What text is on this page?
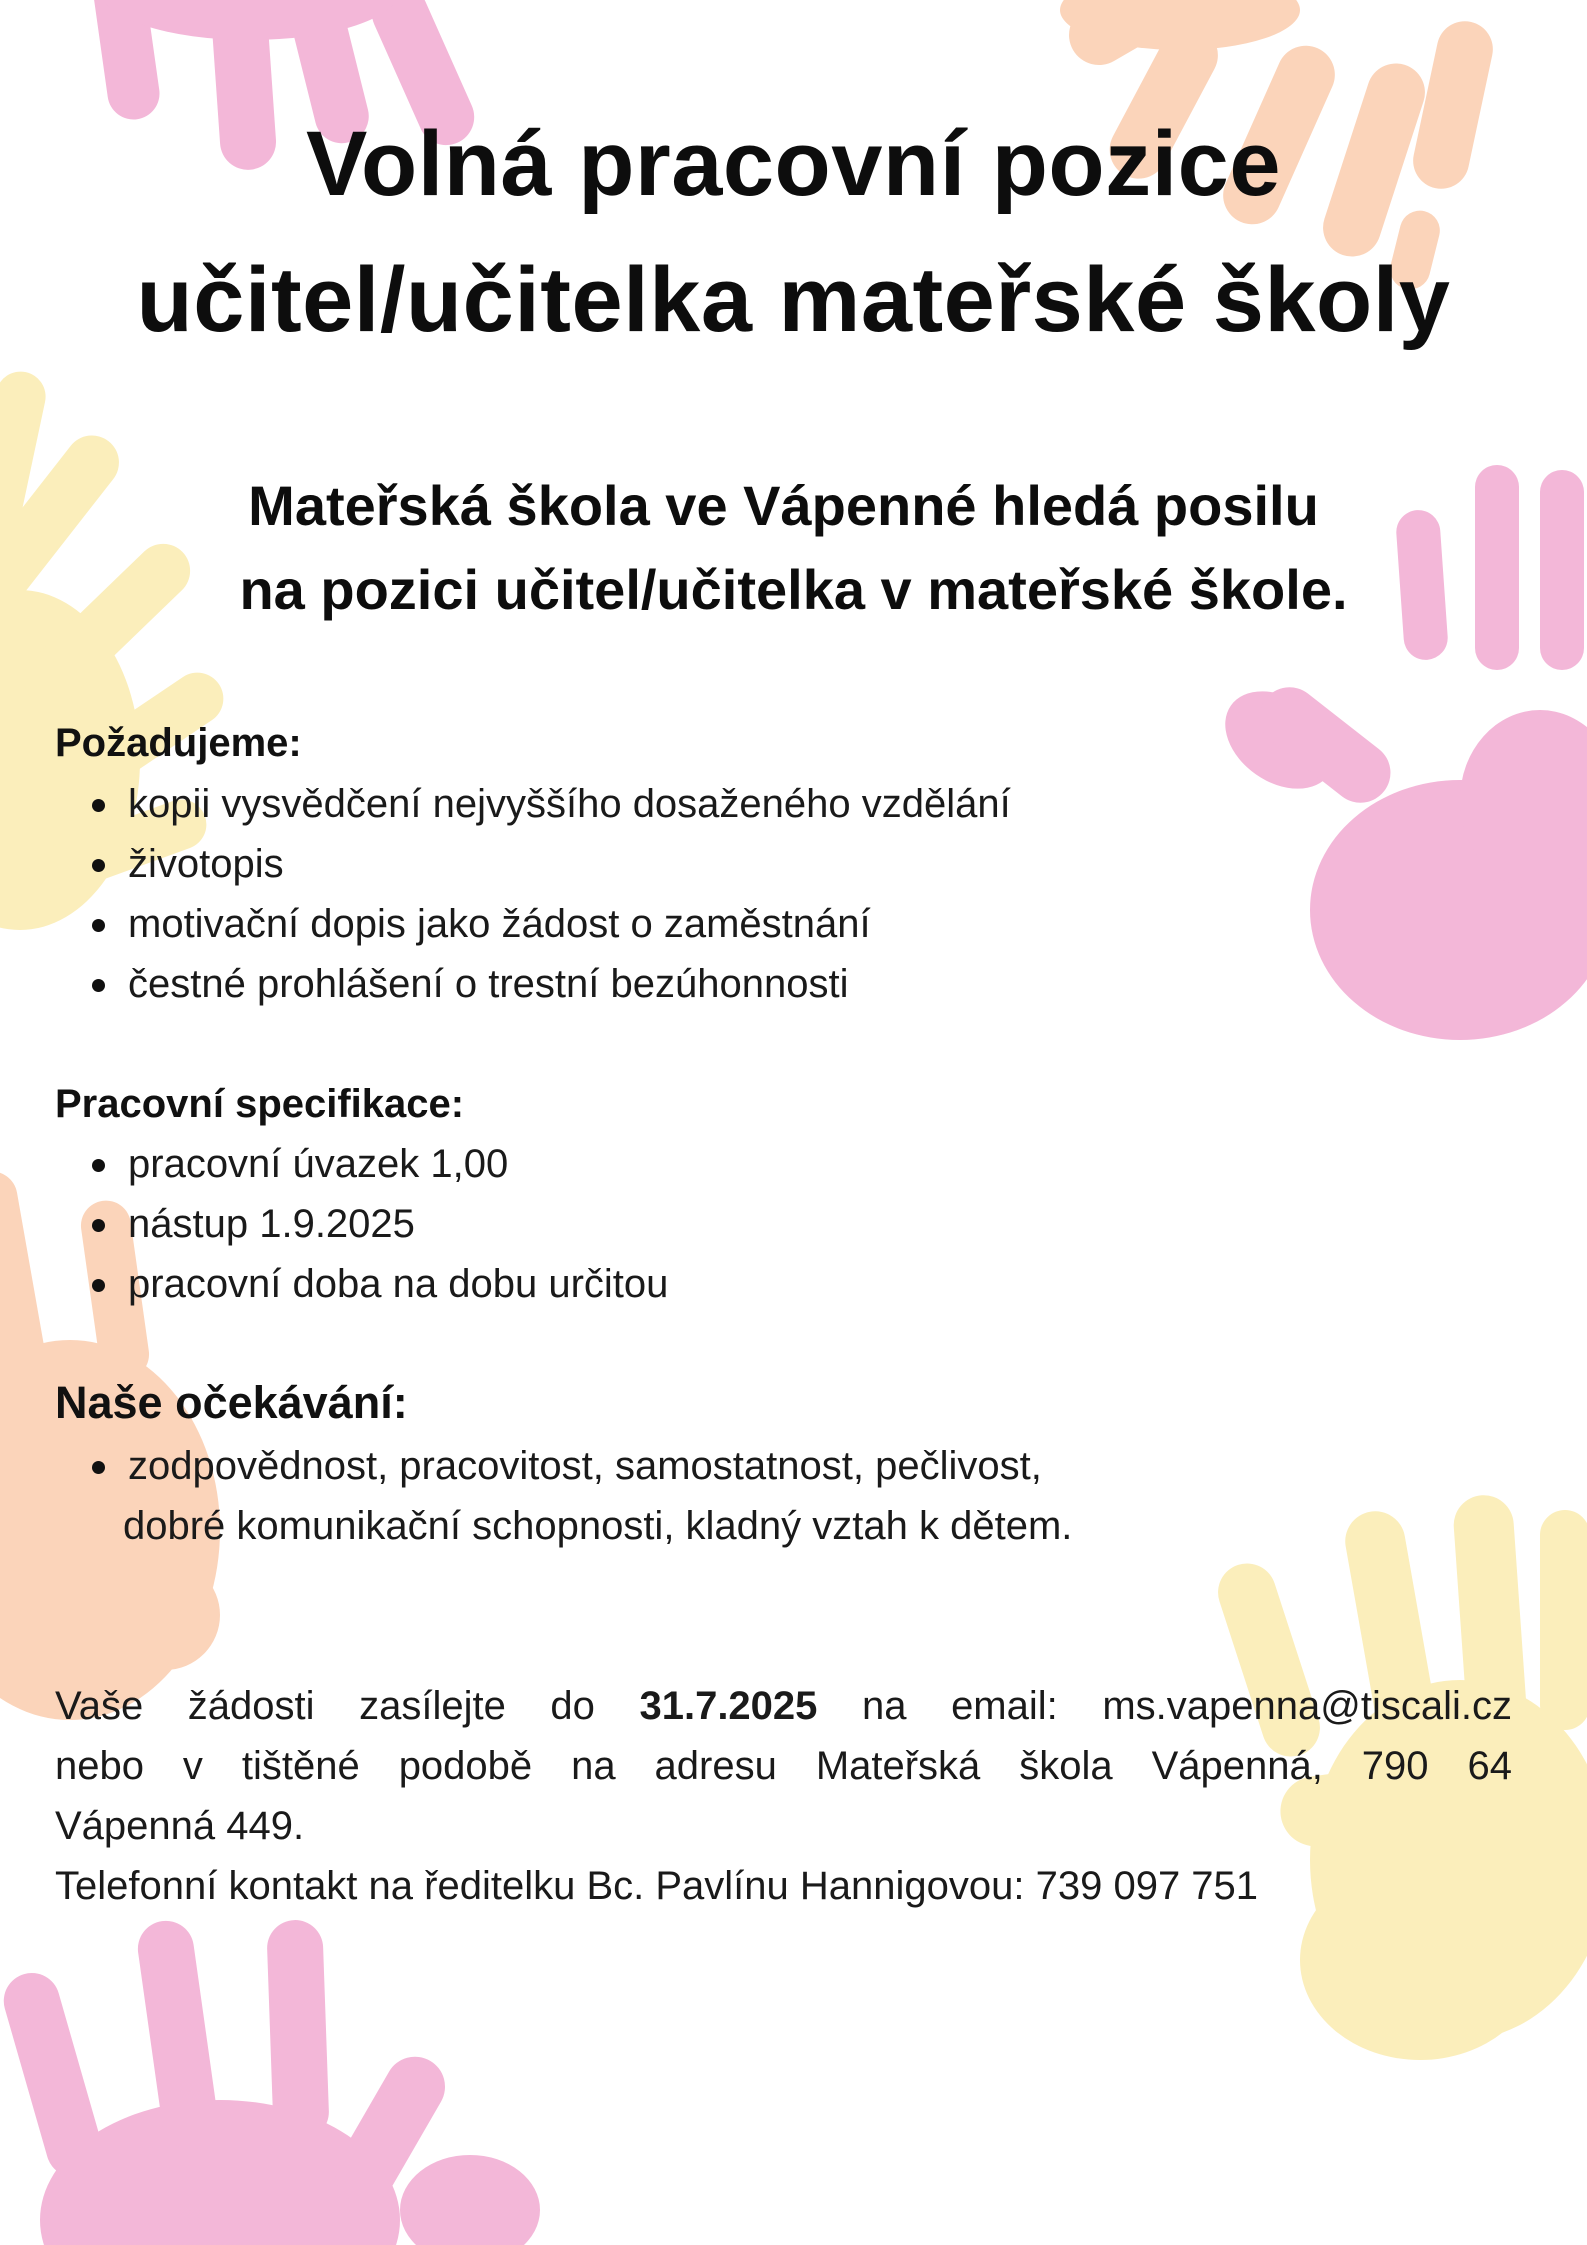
Volná pracovní pozice
učitel/učitelka mateřské školy
Mateřská škola ve Vápenné hledá posilu
na pozici učitel/učitelka v mateřské škole.
Požadujeme:
kopii vysvědčení nejvyššího dosaženého vzdělání
životopis
motivační dopis jako žádost o zaměstnání
čestné prohlášení o trestní bezúhonnosti
Pracovní specifikace:
pracovní úvazek 1,00
nástup 1.9.2025
pracovní doba na dobu určitou
Naše očekávání:
zodpovědnost, pracovitost, samostatnost, pečlivost,
dobré komunikační schopnosti, kladný vztah k dětem.
Vaše žádosti zasílejte do 31.7.2025 na email: ms.vapenna@tiscali.cz
nebo v tištěné podobě na adresu Mateřská škola Vápenná, 790 64
Vápenná 449.
Telefonní kontakt na ředitelku Bc. Pavlínu Hannigovou: 739 097 751
